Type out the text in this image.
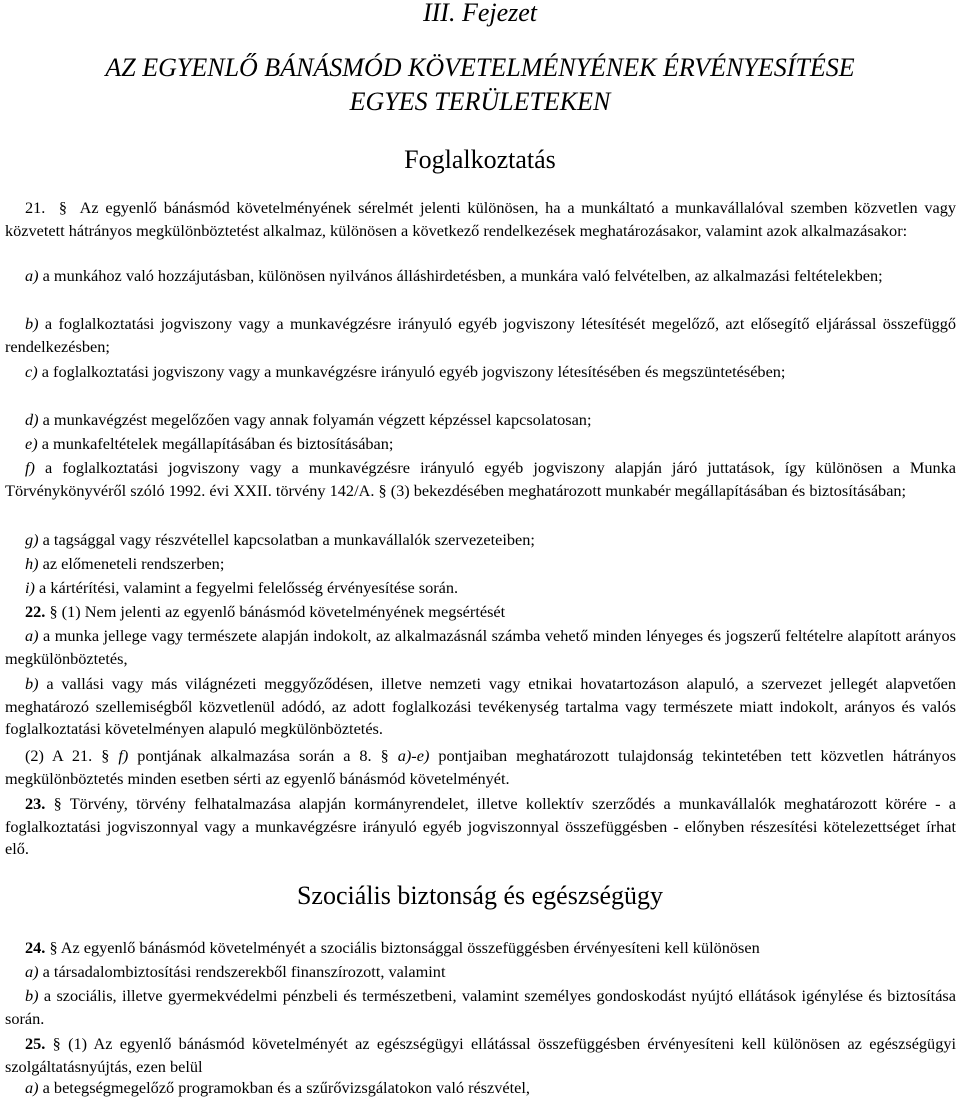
III. Fejezet
AZ EGYENLŐ BÁNÁSMÓD KÖVETELMÉNYÉNEK ÉRVÉNYESÍTÉSE
EGYES TERÜLETEKEN
Foglalkoztatás

21. § Az egyenlő bánásmód követelményének sérelmét jelenti különösen, ha a munkáltató a munkavállalóval szemben közvetlen vagy közvetett hátrányos megkülönböztetést alkalmaz, különösen a következő rendelkezések meghatározásakor, valamint azok alkalmazásakor:

a) a munkához való hozzájutásban, különösen nyilvános álláshirdetésben, a munkára való felvételben, az alkalmazási feltételekben;

b) a foglalkoztatási jogviszony vagy a munkavégzésre irányuló egyéb jogviszony létesítését megelőző, azt elősegítő eljárással összefüggő rendelkezésben;

c) a foglalkoztatási jogviszony vagy a munkavégzésre irányuló egyéb jogviszony létesítésében és megszüntetésében;

d) a munkavégzést megelőzően vagy annak folyamán végzett képzéssel kapcsolatosan;

e) a munkafeltételek megállapításában és biztosításában;

f) a foglalkoztatási jogviszony vagy a munkavégzésre irányuló egyéb jogviszony alapján járó juttatások, így különösen a Munka Törvénykönyvéről szóló 1992. évi XXII. törvény 142/A. § (3) bekezdésében meghatározott munkabér megállapításában és biztosításában;

g) a tagsággal vagy részvétellel kapcsolatban a munkavállalók szervezeteiben;

h) az előmeneteli rendszerben;

i) a kártérítési, valamint a fegyelmi felelősség érvényesítése során.

22. § (1) Nem jelenti az egyenlő bánásmód követelményének megsértését

a) a munka jellege vagy természete alapján indokolt, az alkalmazásnál számba vehető minden lényeges és jogszerű feltételre alapított arányos megkülönböztetés,

b) a vallási vagy más világnézeti meggyőződésen, illetve nemzeti vagy etnikai hovatartozáson alapuló, a szervezet jellegét alapvetően meghatározó szellemiségből közvetlenül adódó, az adott foglalkozási tevékenység tartalma vagy természete miatt indokolt, arányos és valós foglalkoztatási követelményen alapuló megkülönböztetés.

(2) A 21. § f) pontjának alkalmazása során a 8. § a)-e) pontjaiban meghatározott tulajdonság tekintetében tett közvetlen hátrányos megkülönböztetés minden esetben sérti az egyenlő bánásmód követelményét.

23. § Törvény, törvény felhatalmazása alapján kormányrendelet, illetve kollektív szerződés a munkavállalók meghatározott körére - a foglalkoztatási jogviszonnyal vagy a munkavégzésre irányuló egyéb jogviszonnyal összefüggésben - előnyben részesítési kötelezettséget írhat elő.

Szociális biztonság és egészségügy

24. § Az egyenlő bánásmód követelményét a szociális biztonsággal összefüggésben érvényesíteni kell különösen

a) a társadalombiztosítási rendszerekből finanszírozott, valamint

b) a szociális, illetve gyermekvédelmi pénzbeli és természetbeni, valamint személyes gondoskodást nyújtó ellátások igénylése és biztosítása során.

25. § (1) Az egyenlő bánásmód követelményét az egészségügyi ellátással összefüggésben érvényesíteni kell különösen az egészségügyi szolgáltatásnyújtás, ezen belül

a) a betegségmegelőző programokban és a szűrővizsgálatokon való részvétel,
